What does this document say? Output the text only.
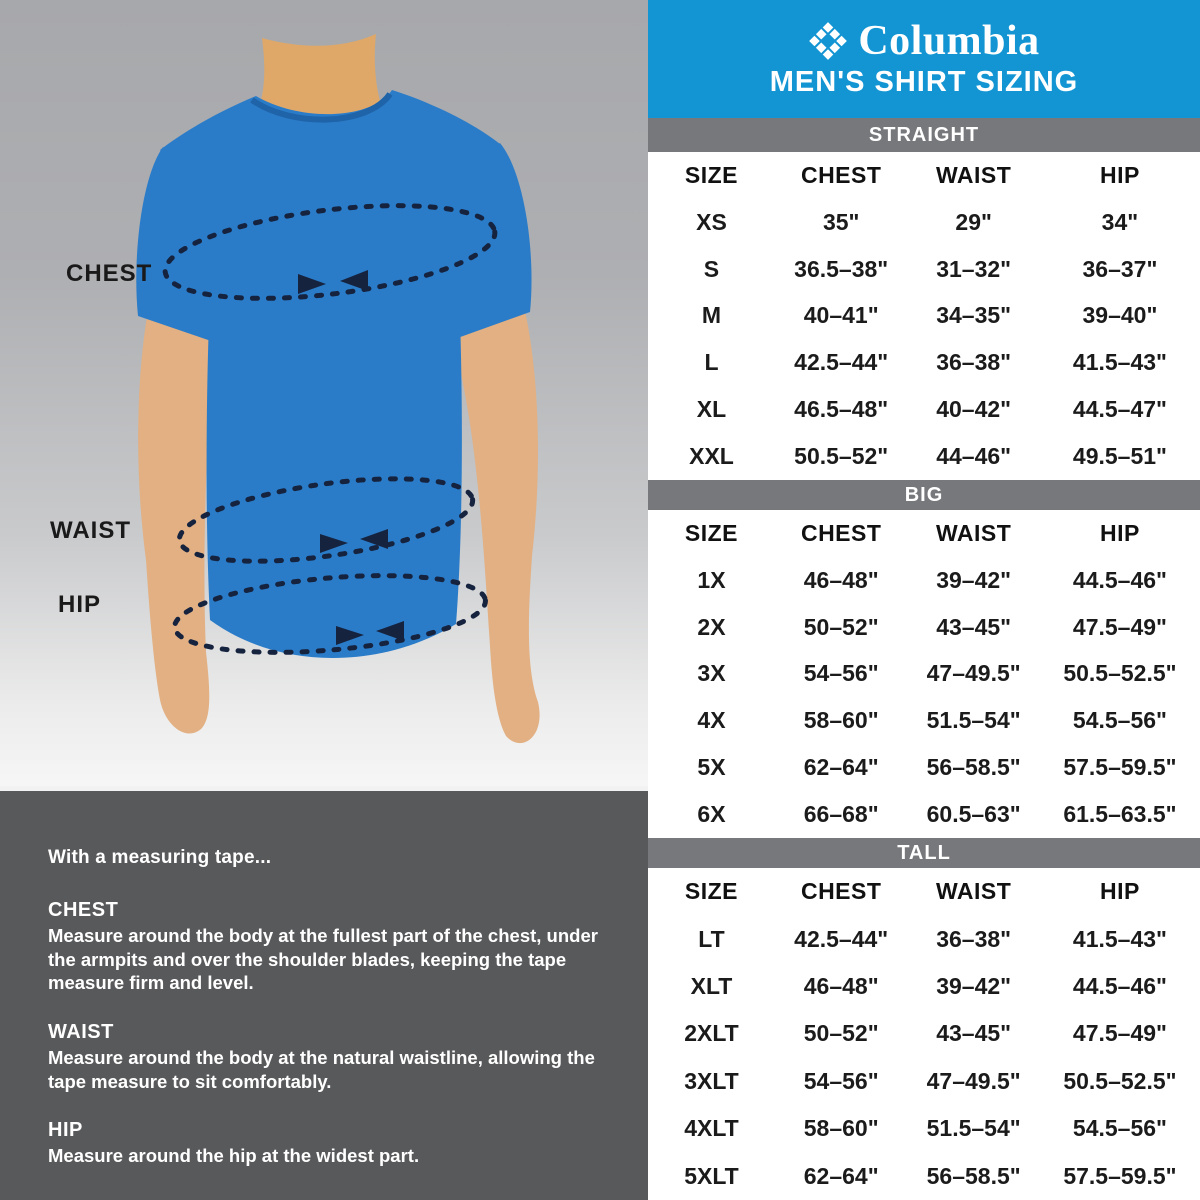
CHEST
WAIST
HIP

With a measuring tape...

CHEST

Measure around the body at the fullest part of the chest, under the armpits and over the shoulder blades, keeping the tape measure firm and level.

WAIST

Measure around the body at the natural waistline, allowing the tape measure to sit comfortably.

HIP

Measure around the hip at the widest part.

Columbia
MEN'S SHIRT SIZING
STRAIGHT
SIZE	CHEST	WAIST	HIP
XS	35"	29"	34"
S	36.5–38"	31–32"	36–37"
M	40–41"	34–35"	39–40"
L	42.5–44"	36–38"	41.5–43"
XL	46.5–48"	40–42"	44.5–47"
XXL	50.5–52"	44–46"	49.5–51"
BIG
SIZE	CHEST	WAIST	HIP
1X	46–48"	39–42"	44.5–46"
2X	50–52"	43–45"	47.5–49"
3X	54–56"	47–49.5"	50.5–52.5"
4X	58–60"	51.5–54"	54.5–56"
5X	62–64"	56–58.5"	57.5–59.5"
6X	66–68"	60.5–63"	61.5–63.5"
TALL
SIZE	CHEST	WAIST	HIP
LT	42.5–44"	36–38"	41.5–43"
XLT	46–48"	39–42"	44.5–46"
2XLT	50–52"	43–45"	47.5–49"
3XLT	54–56"	47–49.5"	50.5–52.5"
4XLT	58–60"	51.5–54"	54.5–56"
5XLT	62–64"	56–58.5"	57.5–59.5"
